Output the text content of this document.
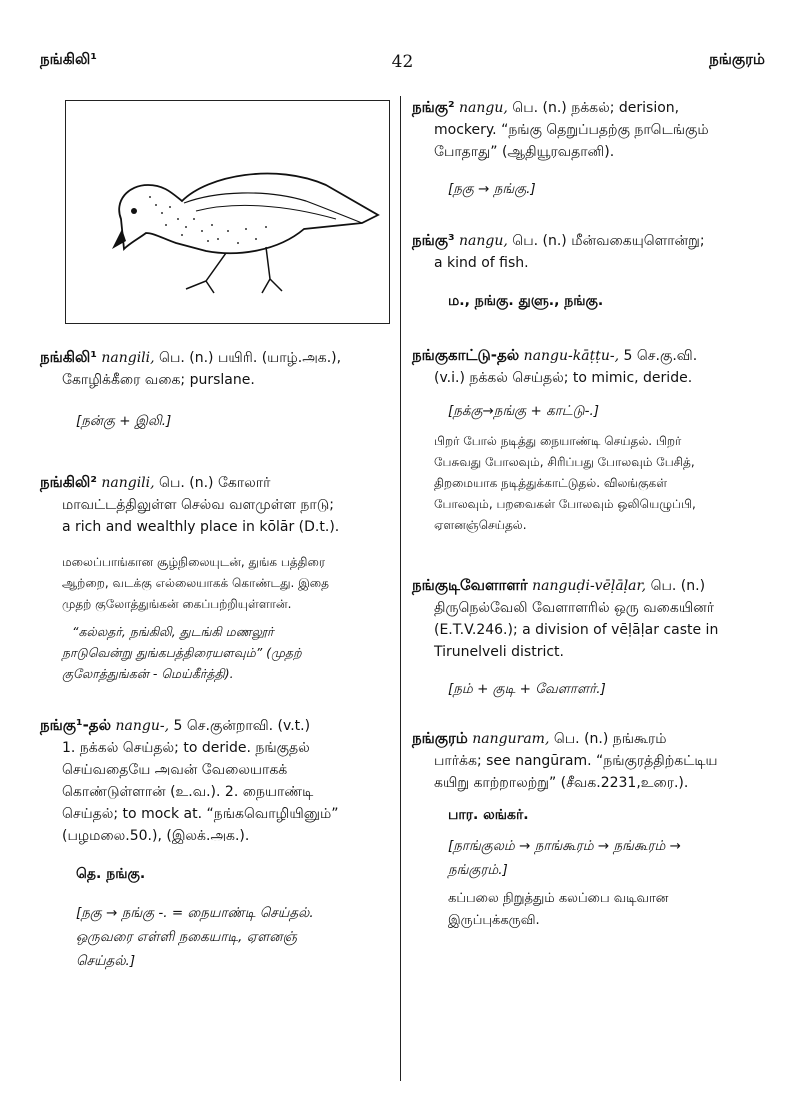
நங்கிலி¹	42	நங்குரம்
நங்கிலி¹ nangili, பெ. (n.) பயிரி. (யாழ்.அக.),
கோழிக்கீரை வகை; purslane.
[நன்கு + இலி.]
நங்கிலி² nangili, பெ. (n.) கோலார்
மாவட்டத்திலுள்ள செல்வ வளமுள்ள நாடு;
a rich and wealthly place in kōlār (D.t.).
மலைப்பாங்கான சூழ்நிலையுடன், துங்க பத்திரை
ஆற்றை, வடக்கு எல்லையாகக் கொண்டது. இதை
முதற் குலோத்துங்கன் கைப்பற்றியுள்ளான்.
“கல்லதர், நங்கிலி, துடங்கி மணலூர்
நாடுவென்று துங்கபத்திரையளவும்” (முதற்
குலோத்துங்கன் - மெய்கீர்த்தி).
நங்கு¹-தல் nangu-, 5 செ.குன்றாவி. (v.t.)
1. நக்கல் செய்தல்; to deride. நங்குதல்
செய்வதையே அவன் வேலையாகக்
கொண்டுள்ளான் (உ.வ.). 2. நையாண்டி
செய்தல்; to mock at. “நங்கவொழியினும்”
(பழமலை.50.), (இலக்.அக.).
தெ. நங்கு.
[நகு → நங்கு -. = நையாண்டி செய்தல்.
ஒருவரை எள்ளி நகையாடி, ஏளனஞ்
செய்தல்.]
நங்கு² nangu, பெ. (n.) நக்கல்; derision,
mockery. “நங்கு தெறுப்பதற்கு நாடெங்கும்
போதாது” (ஆதியூரவதானி).
[நகு → நங்கு.]
நங்கு³ nangu, பெ. (n.) மீன்வகையுளொன்று;
a kind of fish.
ம., நங்கு. துளு., நங்கு.
நங்குகாட்டு-தல் nangu-kāṭṭu-, 5 செ.கு.வி.
(v.i.) நக்கல் செய்தல்; to mimic, deride.
[நக்கு→நங்கு + காட்டு-.]
பிறர் போல் நடித்து நையாண்டி செய்தல். பிறர்
பேசுவது போலவும், சிரிப்பது போலவும் பேசித்,
திறமையாக நடித்துக்காட்டுதல். விலங்குகள்
போலவும், பறவைகள் போலவும் ஒலியெழுப்பி,
ஏளனஞ்செய்தல்.
நங்குடிவேளாளர் nanguḍi-vēḷāḷar, பெ. (n.)
திருநெல்வேலி வேளாளரில் ஒரு வகையினர்
(E.T.V.246.); a division of vēḷāḷar caste in
Tirunelveli district.
[நம் + குடி + வேளாளர்.]
நங்குரம் nanguram, பெ. (n.) நங்கூரம்
பார்க்க; see nangūram. “நங்குரத்திற்கட்டிய
கயிறு காற்றாலற்று” (சீவக.2231,உரை.).
பார. லங்கர்.
[நாங்குலம் → நாங்கூரம் → நங்கூரம் →
நங்குரம்.]
கப்பலை நிறுத்தும் கலப்பை வடிவான
இருப்புக்கருவி.
